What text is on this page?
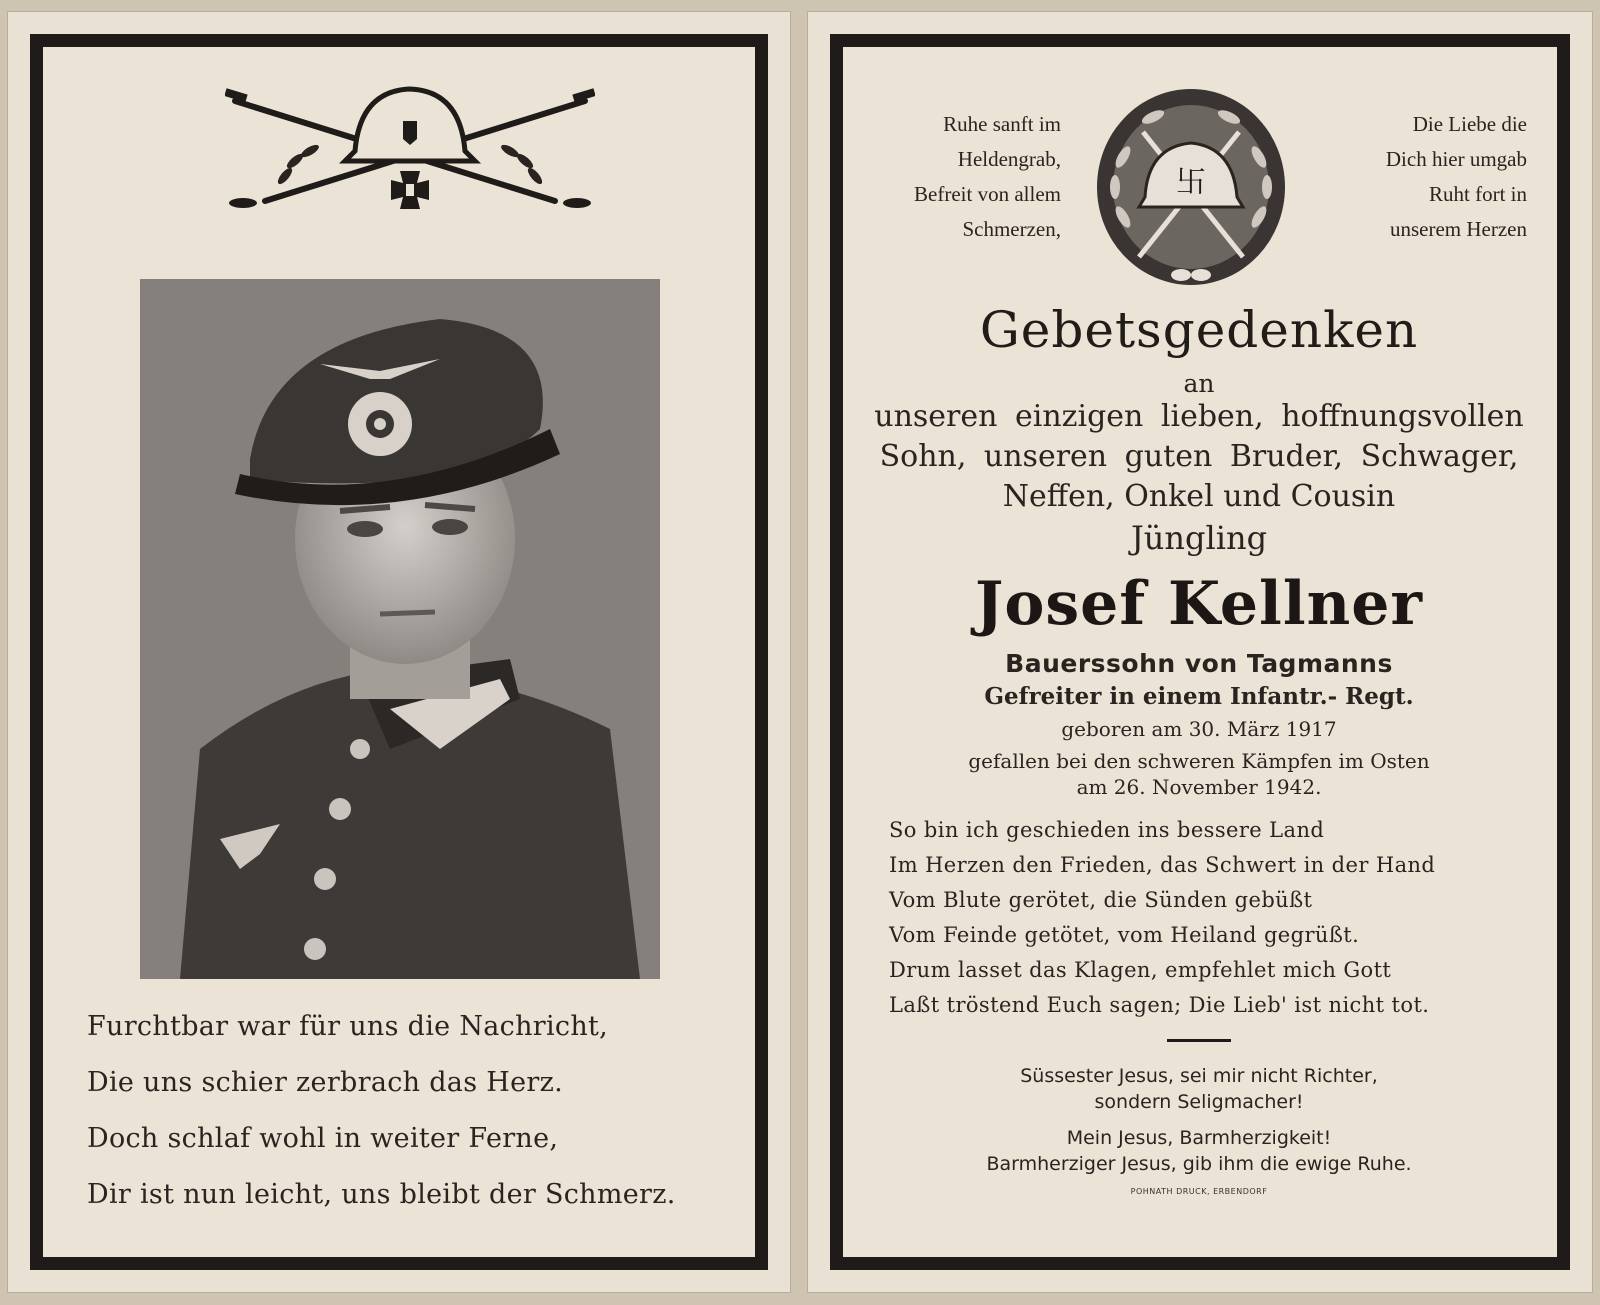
Furchtbar war für uns die Nachricht,
Die uns schier zerbrach das Herz.
Doch schlaf wohl in weiter Ferne,
Dir ist nun leicht, uns bleibt der Schmerz.
Ruhe sanft im
Heldengrab,
Befreit von allem
Schmerzen,
卐
Die Liebe die
Dich hier umgab
Ruht fort in
unserem Herzen
Gebetsgedenken
an
unseren einzigen lieben, hoffnungsvollen
Sohn, unseren guten Bruder, Schwager,
Neffen, Onkel und Cousin
Jüngling
Josef Kellner
Bauerssohn von Tagmanns
Gefreiter in einem Infantr.- Regt.
geboren am 30. März 1917
gefallen bei den schweren Kämpfen im Osten
am 26. November 1942.
So bin ich geschieden ins bessere Land
Im Herzen den Frieden, das Schwert in der Hand
Vom Blute gerötet, die Sünden gebüßt
Vom Feinde getötet, vom Heiland gegrüßt.
Drum lasset das Klagen, empfehlet mich Gott
Laßt tröstend Euch sagen; Die Lieb' ist nicht tot.
Süssester Jesus, sei mir nicht Richter,
sondern Seligmacher!
Mein Jesus, Barmherzigkeit!
Barmherziger Jesus, gib ihm die ewige Ruhe.
POHNATH DRUCK, ERBENDORF
